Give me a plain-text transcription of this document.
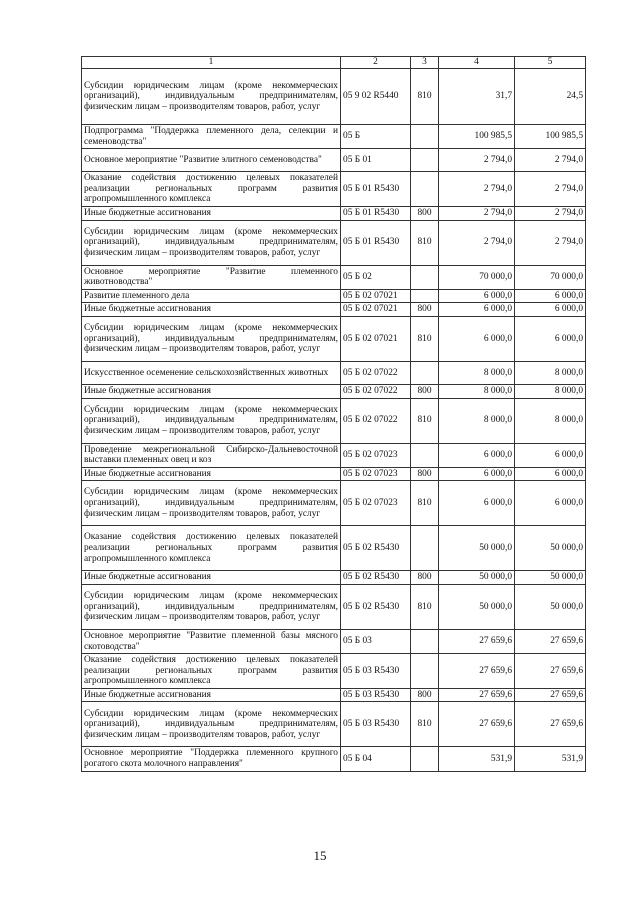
1	2	3	4	5
Субсидии юридическим лицам (кроме некоммерческих организаций), индивидуальным предпринимателям, физическим лицам – производителям товаров, работ, услуг	05 9 02 R5440	810	31,7	24,5
Подпрограмма "Поддержка племенного дела, селекции и семеноводства"	05 Б		100 985,5	100 985,5
Основное мероприятие "Развитие элитного семеноводства"	05 Б 01		2 794,0	2 794,0
Оказание содействия достижению целевых показателей реализации региональных программ развития агропромышленного комплекса	05 Б 01 R5430		2 794,0	2 794,0
Иные бюджетные ассигнования	05 Б 01 R5430	800	2 794,0	2 794,0
Субсидии юридическим лицам (кроме некоммерческих организаций), индивидуальным предпринимателям, физическим лицам – производителям товаров, работ, услуг	05 Б 01 R5430	810	2 794,0	2 794,0
Основное мероприятие "Развитие племенного животноводства"	05 Б 02		70 000,0	70 000,0
Развитие племенного дела	05 Б 02 07021		6 000,0	6 000,0
Иные бюджетные ассигнования	05 Б 02 07021	800	6 000,0	6 000,0
Субсидии юридическим лицам (кроме некоммерческих организаций), индивидуальным предпринимателям, физическим лицам – производителям товаров, работ, услуг	05 Б 02 07021	810	6 000,0	6 000,0
Искусственное осеменение сельскохозяйственных животных	05 Б 02 07022		8 000,0	8 000,0
Иные бюджетные ассигнования	05 Б 02 07022	800	8 000,0	8 000,0
Субсидии юридическим лицам (кроме некоммерческих организаций), индивидуальным предпринимателям, физическим лицам – производителям товаров, работ, услуг	05 Б 02 07022	810	8 000,0	8 000,0
Проведение межрегиональной Сибирско-Дальневосточной выставки племенных овец и коз	05 Б 02 07023		6 000,0	6 000,0
Иные бюджетные ассигнования	05 Б 02 07023	800	6 000,0	6 000,0
Субсидии юридическим лицам (кроме некоммерческих организаций), индивидуальным предпринимателям, физическим лицам – производителям товаров, работ, услуг	05 Б 02 07023	810	6 000,0	6 000,0
Оказание содействия достижению целевых показателей реализации региональных программ развития агропромышленного комплекса	05 Б 02 R5430		50 000,0	50 000,0
Иные бюджетные ассигнования	05 Б 02 R5430	800	50 000,0	50 000,0
Субсидии юридическим лицам (кроме некоммерческих организаций), индивидуальным предпринимателям, физическим лицам – производителям товаров, работ, услуг	05 Б 02 R5430	810	50 000,0	50 000,0
Основное мероприятие "Развитие племенной базы мясного скотоводства"	05 Б 03		27 659,6	27 659,6
Оказание содействия достижению целевых показателей реализации региональных программ развития агропромышленного комплекса	05 Б 03 R5430		27 659,6	27 659,6
Иные бюджетные ассигнования	05 Б 03 R5430	800	27 659,6	27 659,6
Субсидии юридическим лицам (кроме некоммерческих организаций), индивидуальным предпринимателям, физическим лицам – производителям товаров, работ, услуг	05 Б 03 R5430	810	27 659,6	27 659,6
Основное мероприятие "Поддержка племенного крупного рогатого скота молочного направления"	05 Б 04		531,9	531,9
15
